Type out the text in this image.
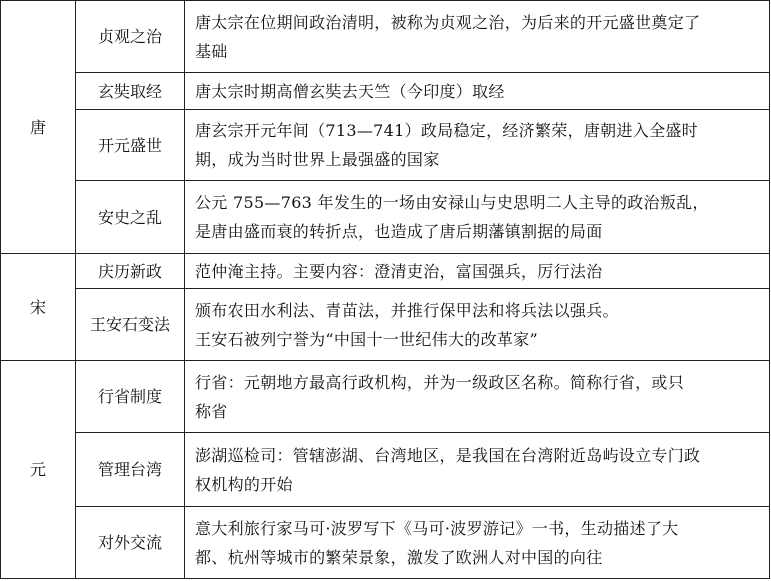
唐	贞观之治	唐太宗在位期间政治清明，被称为贞观之治，为后来的开元盛世奠定了
基础

	玄奘取经	唐太宗时期高僧玄奘去天竺（今印度）取经

	开元盛世	唐玄宗开元年间（713—741）政局稳定，经济繁荣，唐朝进入全盛时
期，成为当时世界上最强盛的国家

	安史之乱	公元 755—763 年发生的一场由安禄山与史思明二人主导的政治叛乱，
是唐由盛而衰的转折点，也造成了唐后期藩镇割据的局面

宋	庆历新政	范仲淹主持。主要内容：澄清吏治，富国强兵，厉行法治

	王安石变法	颁布农田水利法、青苗法，并推行保甲法和将兵法以强兵。
王安石被列宁誉为“中国十一世纪伟大的改革家”

元	行省制度	行省：元朝地方最高行政机构，并为一级政区名称。简称行省，或只
称省

	管理台湾	澎湖巡检司：管辖澎湖、台湾地区，是我国在台湾附近岛屿设立专门政
权机构的开始

	对外交流	意大利旅行家马可·波罗写下《马可·波罗游记》一书，生动描述了大
都、杭州等城市的繁荣景象，激发了欧洲人对中国的向往
